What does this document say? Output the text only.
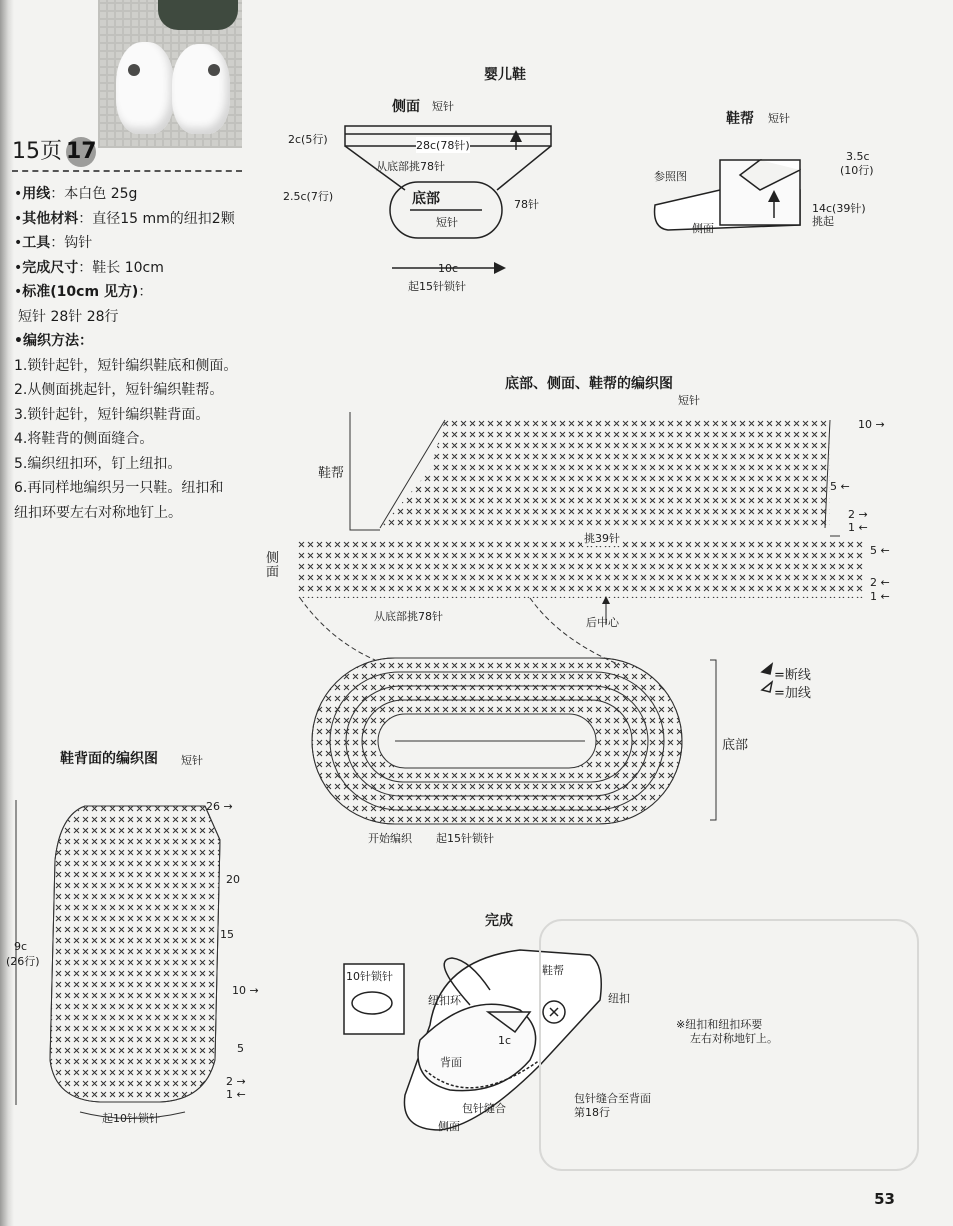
15页 17
•用线：本白色 25g
•其他材料：直径15 mm的纽扣2颗
•工具：钩针
•完成尺寸：鞋长 10cm
•标准(10cm 见方)：
短针 28针 28行
•编织方法：
1.锁针起针，短针编织鞋底和侧面。
2.从侧面挑起针，短针编织鞋帮。
3.锁针起针，短针编织鞋背面。
4.将鞋背的侧面缝合。
5.编织纽扣环，钉上纽扣。
6.再同样地编织另一只鞋。纽扣和
纽扣环要左右对称地钉上。
婴儿鞋
侧面 短针
2c(5行)	28c(78针)
从底部挑78针
底部
短针
2.5c(7行)
78针
10c
起15针锁针
鞋帮 短针
参照图
3.5c
(10行)
14c(39针)
挑起
侧面
底部、侧面、鞋帮的编织图
短针
鞋帮
侧面
底部
10 →
5 ←
2 →
1 ←
5 ←
2 ←
1 ←
挑39针
从底部挑78针	后中心
开始编织 起15针锁针
=断线
=加线
鞋背面的编织图 短针
9c
(26行)
26 →
20
15
10 →
5
2 →
1 ←
起10针锁针
完成
10针锁针
纽扣环
鞋帮
纽扣
1c
背面
包针缝合
包针缝合至背面
第18行
侧面
※纽扣和纽扣环要
左右对称地钉上。
53
